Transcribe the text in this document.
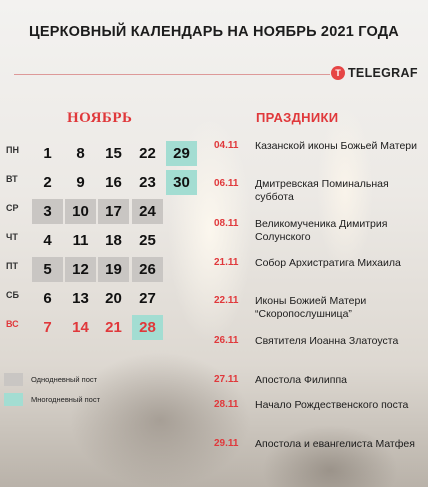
ЦЕРКОВНЫЙ КАЛЕНДАРЬ НА НОЯБРЬ 2021 ГОДА
T TELEGRAF
НОЯБРЬ
ПН
ВТ
СР
ЧТ
ПТ
СБ
ВС
1	8	15	22	29
2	9	16	23	30
3	10	17	24
4	11	18	25
5	12	19	26
6	13	20	27
7	14	21	28
Однодневный пост
Многодневный пост
ПРАЗДНИКИ
04.11 Казанской иконы Божьей Матери
06.11 Дмитревская Поминальная суббота
08.11 Великомученика Димитрия Солунского
21.11 Собор Архистратига Михаила
22.11 Иконы Божией Матери “Скоропослушница”
26.11 Святителя Иоанна Златоуста
27.11 Апостола Филиппа
28.11 Начало Рождественского поста
29.11 Апостола и евангелиста Матфея
